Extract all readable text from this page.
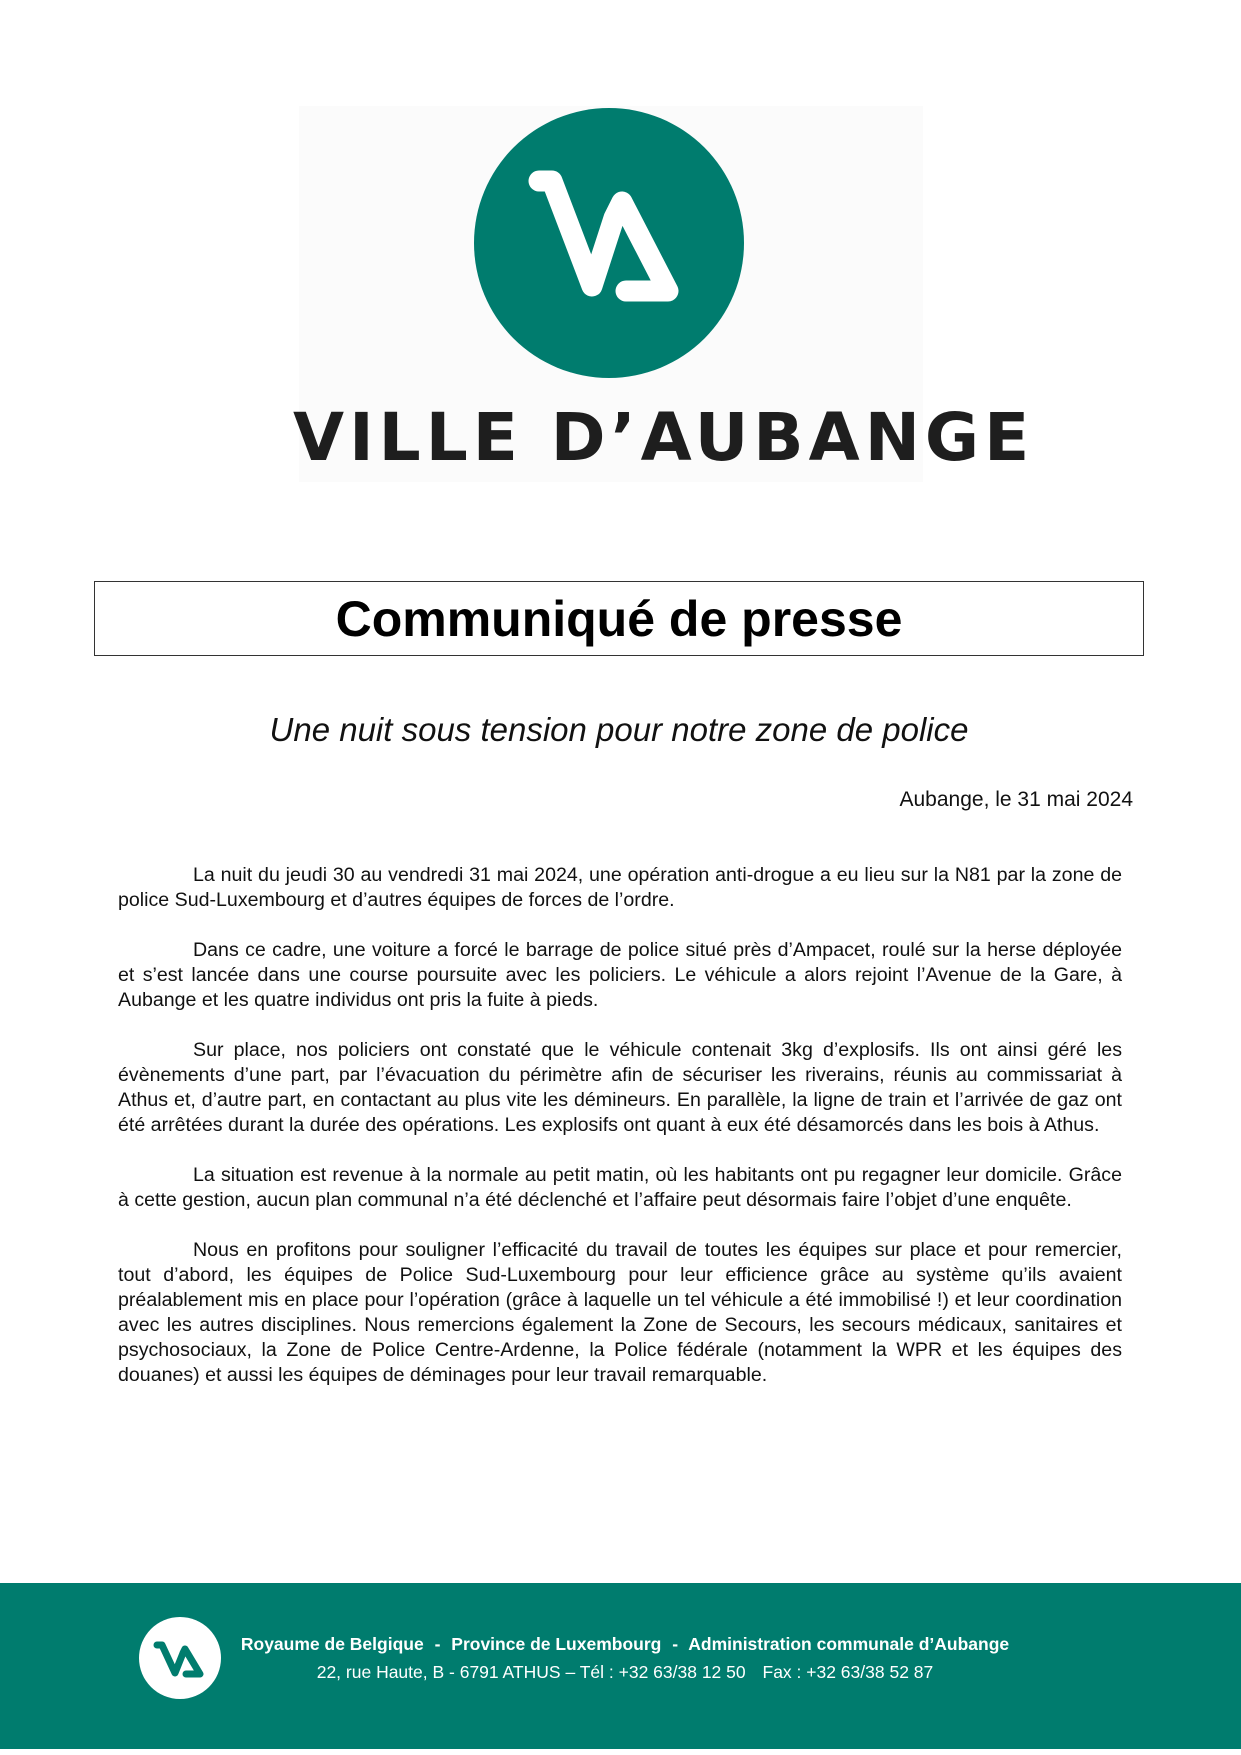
VILLE D’AUBANGE
Communiqué de presse
Une nuit sous tension pour notre zone de police
Aubange, le 31 mai 2024

La nuit du jeudi 30 au vendredi 31 mai 2024, une opération anti-drogue a eu lieu sur la N81 par la zone de police Sud-Luxembourg et d’autres équipes de forces de l’ordre.

Dans ce cadre, une voiture a forcé le barrage de police situé près d’Ampacet, roulé sur la herse déployée et s’est lancée dans une course poursuite avec les policiers. Le véhicule a alors rejoint l’Avenue de la Gare, à Aubange et les quatre individus ont pris la fuite à pieds.

Sur place, nos policiers ont constaté que le véhicule contenait 3kg d’explosifs. Ils ont ainsi géré les évènements d’une part, par l’évacuation du périmètre afin de sécuriser les riverains, réunis au commissariat à Athus et, d’autre part, en contactant au plus vite les démineurs. En parallèle, la ligne de train et l’arrivée de gaz ont été arrêtées durant la durée des opérations. Les explosifs ont quant à eux été désamorcés dans les bois à Athus.

La situation est revenue à la normale au petit matin, où les habitants ont pu regagner leur domicile. Grâce à cette gestion, aucun plan communal n’a été déclenché et l’affaire peut désormais faire l’objet d’une enquête.

Nous en profitons pour souligner l’efficacité du travail de toutes les équipes sur place et pour remercier, tout d’abord, les équipes de Police Sud-Luxembourg pour leur efficience grâce au système qu’ils avaient préalablement mis en place pour l’opération (grâce à laquelle un tel véhicule a été immobilisé !) et leur coordination avec les autres disciplines. Nous remercions également la Zone de Secours, les secours médicaux, sanitaires et psychosociaux, la Zone de Police Centre-Ardenne, la Police fédérale (notamment la WPR et les équipes des douanes) et aussi les équipes de déminages pour leur travail remarquable.

Royaume de Belgique - Province de Luxembourg - Administration communale d’Aubange
22, rue Haute, B - 6791 ATHUS – Tél : +32 63/38 12 50 Fax : +32 63/38 52 87
